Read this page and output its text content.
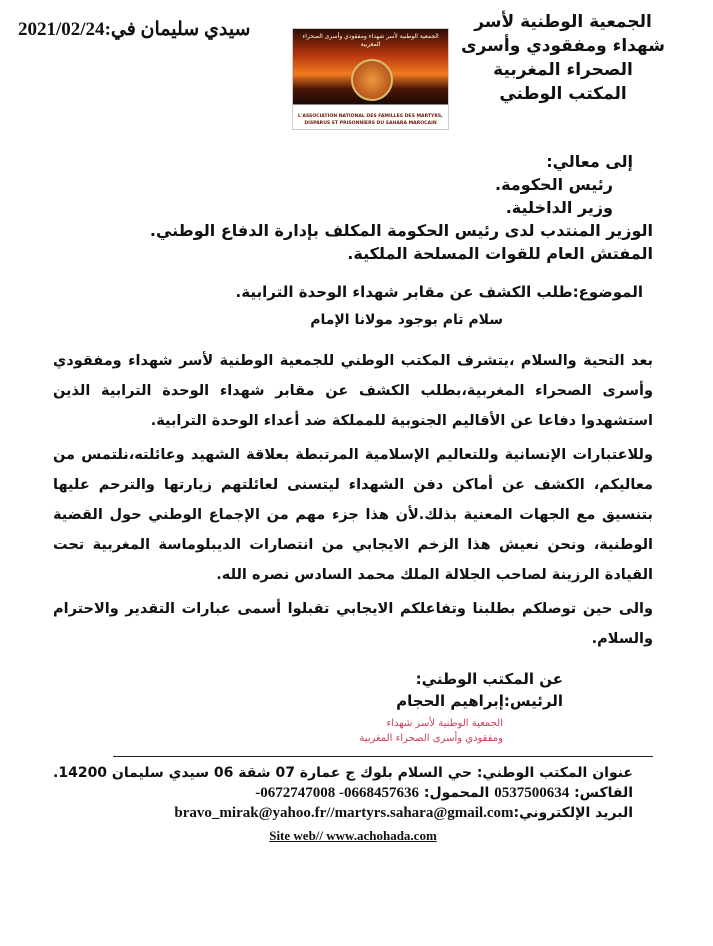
الجمعية الوطنية لأسر
شهداء ومفقودي وأسرى
الصحراء المغربية
المكتب الوطني
سيدي سليمان في:2021/02/24	الجمعية الوطنية لأسر شهداء ومفقودي وأسرى الصحراء المغربية
L'ASSOCIATION NATIONAL DES FAMILLES DES MARTYRS, DISPARUS ET PRISONNIERS DU SAHARA MAROCAIN
إلى معالي:
رئيس الحكومة.
وزير الداخلية.
الوزير المنتدب لدى رئيس الحكومة المكلف بإدارة الدفاع الوطني.
المفتش العام للقوات المسلحة الملكية.
الموضوع:طلب الكشف عن مقابر شهداء الوحدة الترابية.
سلام تام بوجود مولانا الإمام

بعد التحية والسلام ،يتشرف المكتب الوطني للجمعية الوطنية لأسر شهداء ومفقودي وأسرى الصحراء المغربية،بطلب الكشف عن مقابر شهداء الوحدة الترابية الذين استشهدوا دفاعا عن الأقاليم الجنوبية للمملكة ضد أعداء الوحدة الترابية.

وللاعتبارات الإنسانية وللتعاليم الإسلامية المرتبطة بعلاقة الشهيد وعائلته،نلتمس من معاليكم، الكشف عن أماكن دفن الشهداء ليتسنى لعائلتهم زيارتها والترحم عليها بتنسيق مع الجهات المعنية بذلك.لأن هذا جزء مهم من الإجماع الوطني حول القضية الوطنية، ونحن نعيش هذا الزخم الايجابي من انتصارات الديبلوماسة المغربية تحت القيادة الرزينة لصاحب الجلالة الملك محمد السادس نصره الله.

والى حين توصلكم بطلبنا وتفاعلكم الايجابي تقبلوا أسمى عبارات التقدير والاحترام والسلام.

عن المكتب الوطني:
الرئيس:إبراهيم الحجام
الجمعية الوطنية لأسر شهداء
ومفقودي وأسرى الصحراء المغربية
عنوان المكتب الوطني: حي السلام بلوك ج عمارة 07 شقة 06 سيدي سليمان 14200.
الفاكس: 0537500634 المحمول: -0672747008 -0668457636
البريد الإلكتروني:bravo_mirak@yahoo.fr//martyrs.sahara@gmail.com
Site web// www.achohada.com
